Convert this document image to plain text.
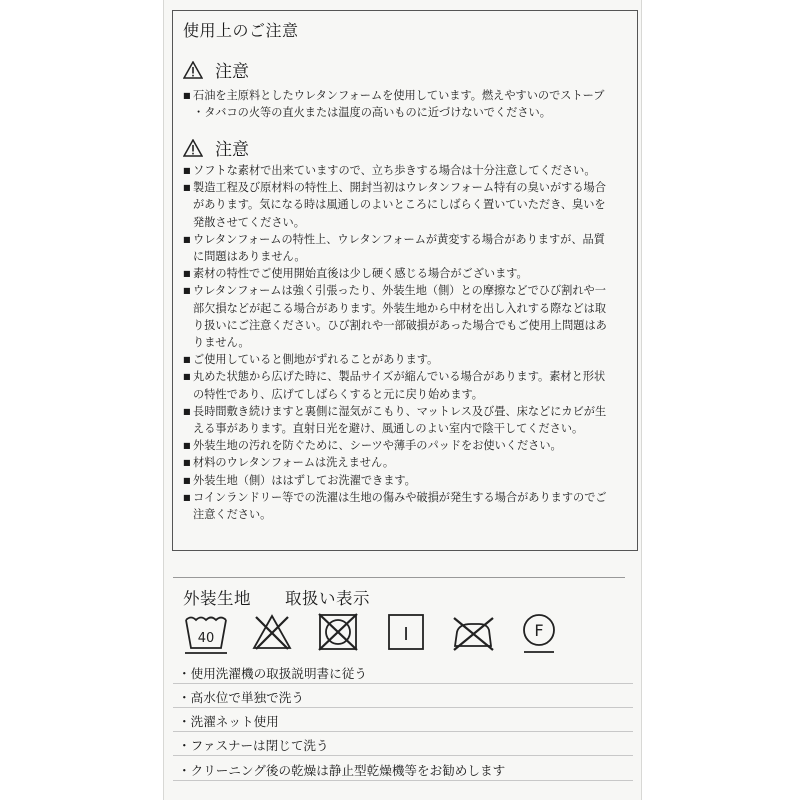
使用上のご注意
注意
■ 石油を主原料としたウレタンフォームを使用しています。燃えやすいのでストーブ
・タバコの火等の直火または温度の高いものに近づけないでください。
注意
■ ソフトな素材で出来ていますので、立ち歩きする場合は十分注意してください。
■ 製造工程及び原材料の特性上、開封当初はウレタンフォーム特有の臭いがする場合
があります。気になる時は風通しのよいところにしばらく置いていただき、臭いを
発散させてください。
■ ウレタンフォームの特性上、ウレタンフォームが黄変する場合がありますが、品質
に問題はありません。
■ 素材の特性でご使用開始直後は少し硬く感じる場合がございます。
■ ウレタンフォームは強く引張ったり、外装生地（側）との摩擦などでひび割れや一
部欠損などが起こる場合があります。外装生地から中材を出し入れする際などは取
り扱いにご注意ください。ひび割れや一部破損があった場合でもご使用上問題はあ
りません。
■ ご使用していると側地がずれることがあります。
■ 丸めた状態から広げた時に、製品サイズが縮んでいる場合があります。素材と形状
の特性であり、広げてしばらくすると元に戻り始めます。
■ 長時間敷き続けますと裏側に湿気がこもり、マットレス及び畳、床などにカビが生
える事があります。直射日光を避け、風通しのよい室内で陰干してください。
■ 外装生地の汚れを防ぐために、シーツや薄手のパッドをお使いください。
■ 材料のウレタンフォームは洗えません。
■ 外装生地（側）ははずしてお洗濯できます。
■ コインランドリー等での洗濯は生地の傷みや破損が発生する場合がありますのでご
注意ください。
外装生地　　取扱い表示
40	I	F
・使用洗濯機の取扱説明書に従う
・高水位で単独で洗う
・洗濯ネット使用
・ファスナーは閉じて洗う
・クリーニング後の乾燥は静止型乾燥機等をお勧めします
